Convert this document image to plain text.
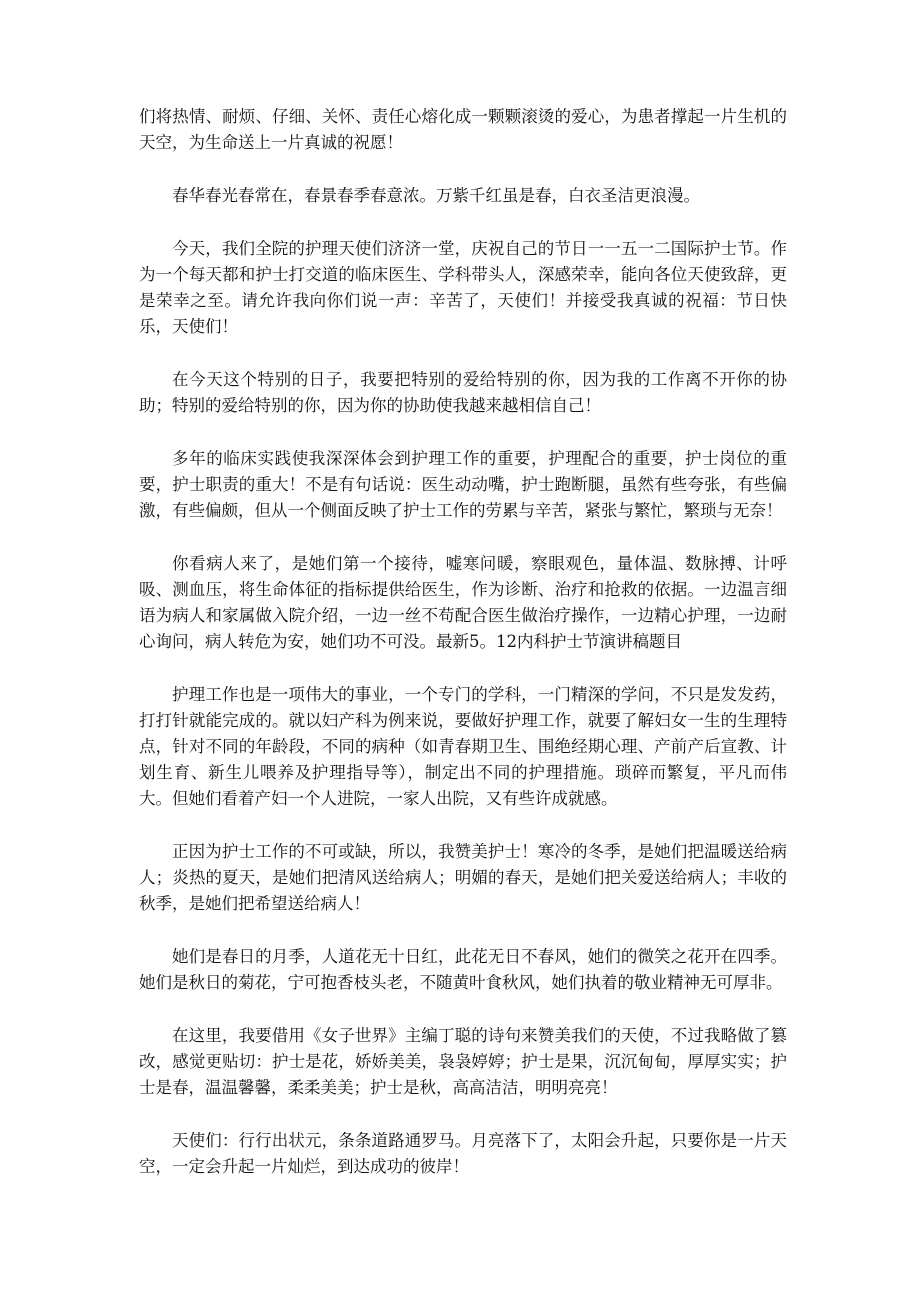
们将热情、耐烦、仔细、关怀、责任心熔化成一颗颗滚烫的爱心，为患者撑起一片生机的天空，为生命送上一片真诚的祝愿！

春华春光春常在，春景春季春意浓。万紫千红虽是春，白衣圣洁更浪漫。

今天，我们全院的护理天使们济济一堂，庆祝自己的节日一一五一二国际护士节。作为一个每天都和护士打交道的临床医生、学科带头人，深感荣幸，能向各位天使致辞，更是荣幸之至。请允许我向你们说一声：辛苦了，天使们！并接受我真诚的祝福：节日快乐，天使们！

在今天这个特别的日子，我要把特别的爱给特别的你，因为我的工作离不开你的协助；特别的爱给特别的你，因为你的协助使我越来越相信自己！

多年的临床实践使我深深体会到护理工作的重要，护理配合的重要，护士岗位的重要，护士职责的重大！不是有句话说：医生动动嘴，护士跑断腿，虽然有些夸张，有些偏激，有些偏颇，但从一个侧面反映了护士工作的劳累与辛苦，紧张与繁忙，繁琐与无奈！

你看病人来了，是她们第一个接待，嘘寒问暖，察眼观色，量体温、数脉搏、计呼吸、测血压，将生命体征的指标提供给医生，作为诊断、治疗和抢救的依据。一边温言细语为病人和家属做入院介绍，一边一丝不苟配合医生做治疗操作，一边精心护理，一边耐心询问，病人转危为安，她们功不可没。最新5。12内科护士节演讲稿题目

护理工作也是一项伟大的事业，一个专门的学科，一门精深的学问，不只是发发药，打打针就能完成的。就以妇产科为例来说，要做好护理工作，就要了解妇女一生的生理特点，针对不同的年龄段，不同的病种（如青春期卫生、围绝经期心理、产前产后宣教、计划生育、新生儿喂养及护理指导等），制定出不同的护理措施。琐碎而繁复，平凡而伟大。但她们看着产妇一个人进院，一家人出院，又有些许成就感。

正因为护士工作的不可或缺，所以，我赞美护士！寒冷的冬季，是她们把温暖送给病人；炎热的夏天，是她们把清风送给病人；明媚的春天，是她们把关爱送给病人；丰收的秋季，是她们把希望送给病人！

她们是春日的月季，人道花无十日红，此花无日不春风，她们的微笑之花开在四季。她们是秋日的菊花，宁可抱香枝头老，不随黄叶食秋风，她们执着的敬业精神无可厚非。

在这里，我要借用《女子世界》主编丁聪的诗句来赞美我们的天使，不过我略做了篡改，感觉更贴切：护士是花，娇娇美美，袅袅婷婷；护士是果，沉沉甸甸，厚厚实实；护士是春，温温馨馨，柔柔美美；护士是秋，高高洁洁，明明亮亮！

天使们：行行出状元，条条道路通罗马。月亮落下了，太阳会升起，只要你是一片天空，一定会升起一片灿烂，到达成功的彼岸！
